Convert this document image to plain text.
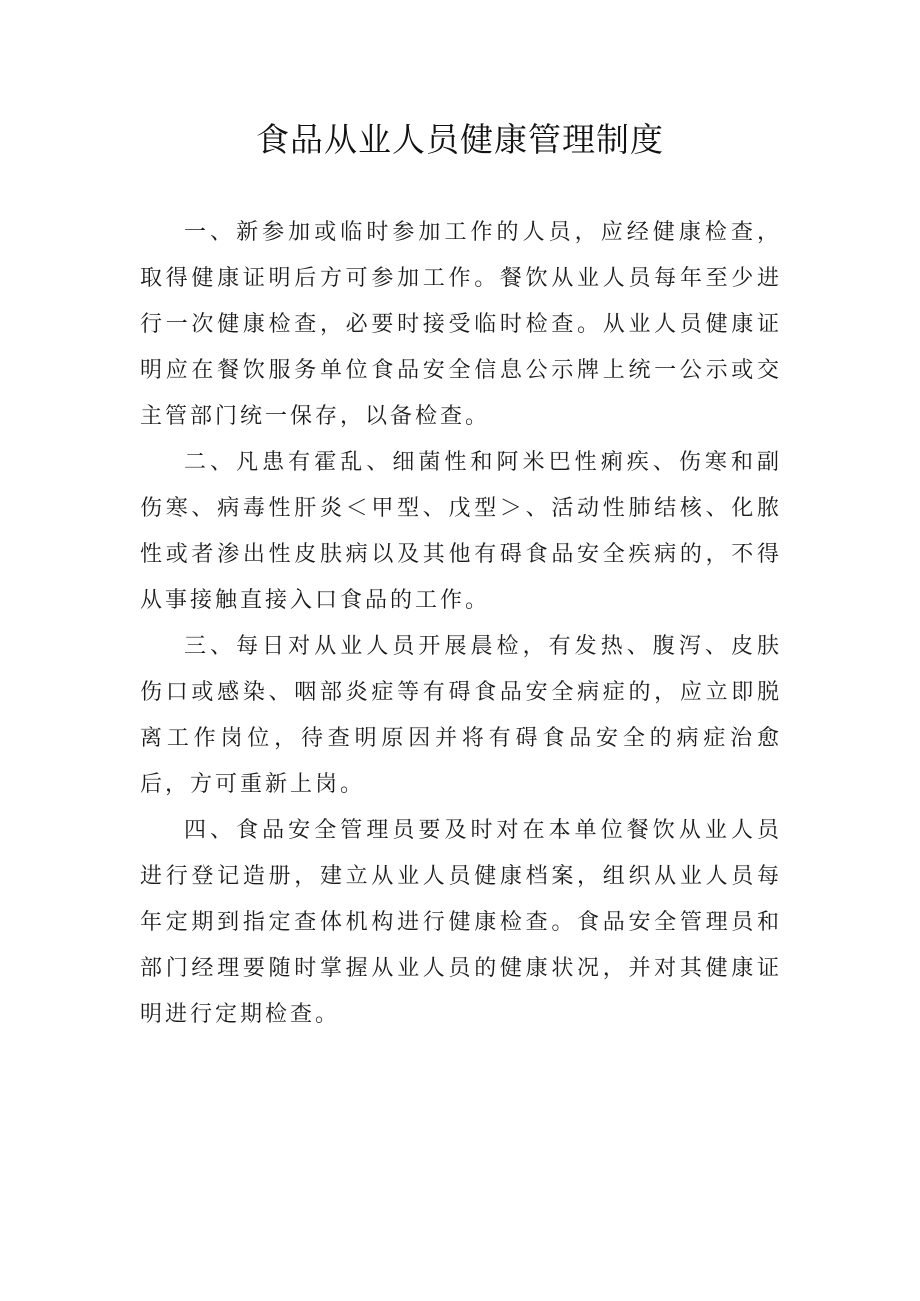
食品从业人员健康管理制度

一、新参加或临时参加工作的人员，应经健康检查，取得健康证明后方可参加工作。餐饮从业人员每年至少进行一次健康检查，必要时接受临时检查。从业人员健康证明应在餐饮服务单位食品安全信息公示牌上统一公示或交主管部门统一保存，以备检查。

二、凡患有霍乱、细菌性和阿米巴性痢疾、伤寒和副伤寒、病毒性肝炎＜甲型、戊型＞、活动性肺结核、化脓性或者渗出性皮肤病以及其他有碍食品安全疾病的，不得从事接触直接入口食品的工作。

三、每日对从业人员开展晨检，有发热、腹泻、皮肤伤口或感染、咽部炎症等有碍食品安全病症的，应立即脱离工作岗位，待查明原因并将有碍食品安全的病症治愈后，方可重新上岗。

四、食品安全管理员要及时对在本单位餐饮从业人员进行登记造册，建立从业人员健康档案，组织从业人员每年定期到指定查体机构进行健康检查。食品安全管理员和部门经理要随时掌握从业人员的健康状况，并对其健康证明进行定期检查。
